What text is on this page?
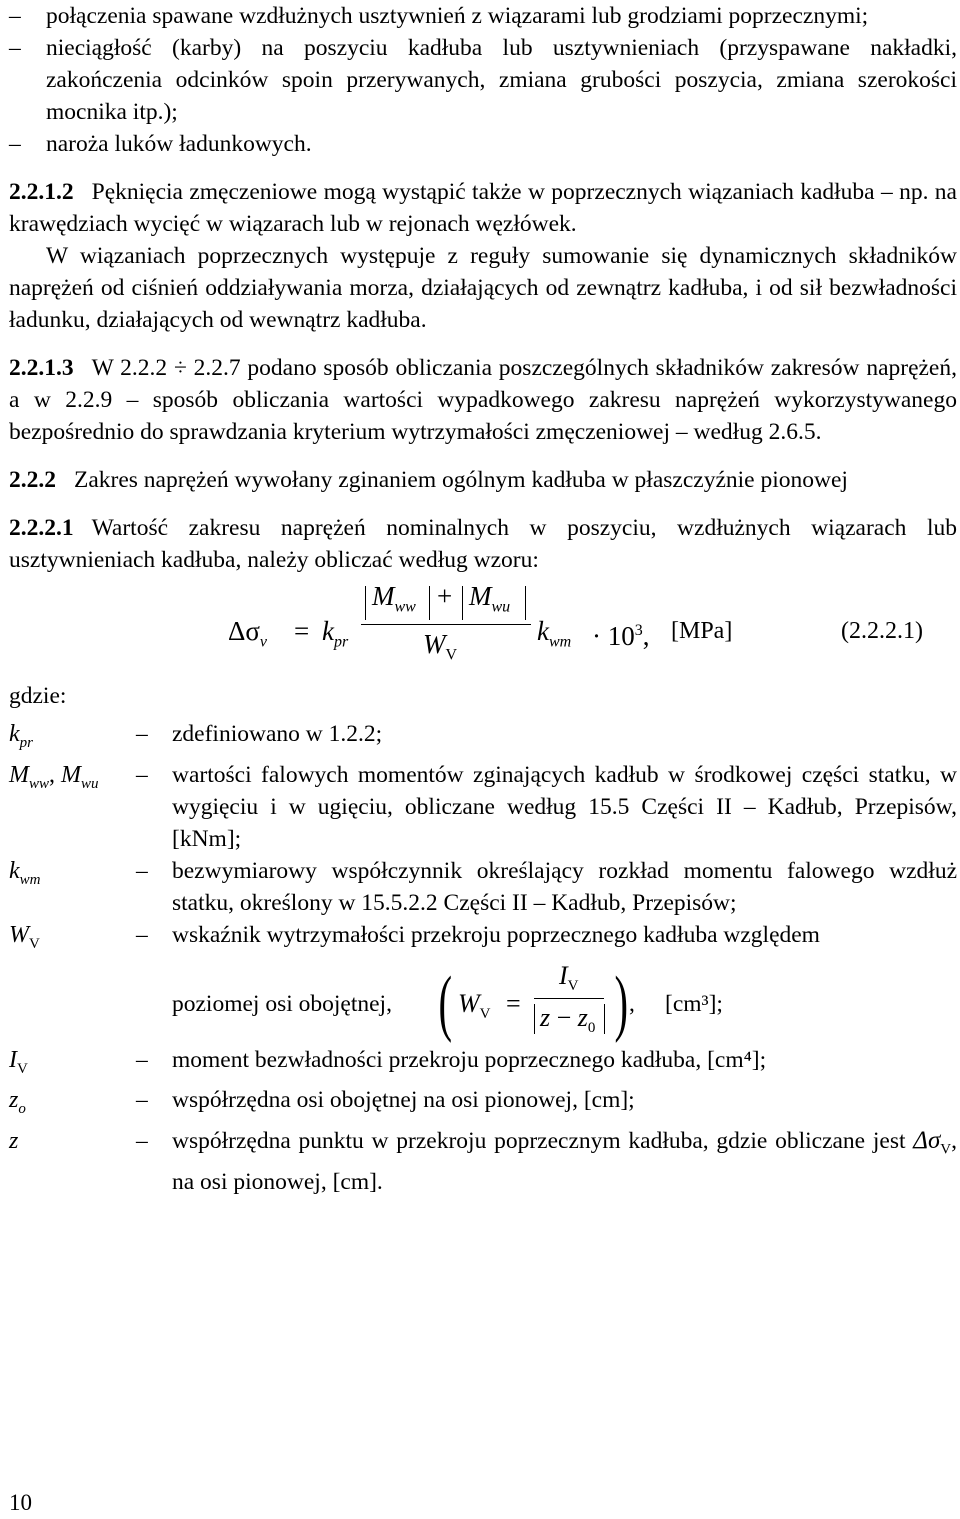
– połączenia spawane wzdłużnych usztywnień z wiązarami lub grodziami poprzecznymi;
– nieciągłość (karby) na poszyciu kadłuba lub usztywnieniach (przyspawane nakładki, zakończenia odcinków spoin przerywanych, zmiana grubości poszycia, zmiana szerokości mocnika itp.);
– naroża luków ładunkowych.

2.2.1.2 Pęknięcia zmęczeniowe mogą wystąpić także w poprzecznych wiązaniach kadłuba – np. na krawędziach wycięć w wiązarach lub w rejonach węzłówek.

W wiązaniach poprzecznych występuje z reguły sumowanie się dynamicznych składników naprężeń od ciśnień oddziaływania morza, działających od zewnątrz kadłuba, i od sił bezwładności ładunku, działających od wewnątrz kadłuba.

2.2.1.3 W 2.2.2 ÷ 2.2.7 podano sposób obliczania poszczególnych składników zakresów naprężeń, a w 2.2.9 – sposób obliczania wartości wypadkowego zakresu naprężeń wykorzystywanego bezpośrednio do sprawdzania kryterium wytrzymałości zmęczeniowej – według 2.6.5.

2.2.2 Zakres naprężeń wywołany zginaniem ogólnym kadłuba w płaszczyźnie pionowej

2.2.2.1 Wartość zakresu naprężeń nominalnych w poszyciu, wzdłużnych wiązarach lub usztywnieniach kadłuba, należy obliczać według wzoru:

$\Delta\sigma_v = k_{pr}$
$M_{ww} + M_{wu}$
$W_V$
$k_{wm} \cdot 10^3$, [MPa]	(2.2.2.1)

gdzie:

$k_{pr}$	–	zdefiniowano w 1.2.2;
$M_{ww}$, $M_{wu}$	–	wartości falowych momentów zginających kadłub w środkowej części statku, w wygięciu i w ugięciu, obliczane według 15.5 Części II – Kadłub, Przepisów, [kNm];
$k_{wm}$	–	bezwymiarowy współczynnik określający rozkład momentu falowego wzdłuż statku, określony w 15.5.2.2 Części II – Kadłub, Przepisów;
$W_V$	–	wskaźnik wytrzymałości przekroju poprzecznego kadłuba względem
poziomej osi obojętnej, ( $W_V$ =
$I_V$
$z - z_0$ ) , [cm³];
$I_V$	–	moment bezwładności przekroju poprzecznego kadłuba, [cm⁴];
$z_o$	–	współrzędna osi obojętnej na osi pionowej, [cm];
z	–	współrzędna punktu w przekroju poprzecznym kadłuba, gdzie obliczane jest $\Delta\sigma_V$, na osi pionowej, [cm].
10
